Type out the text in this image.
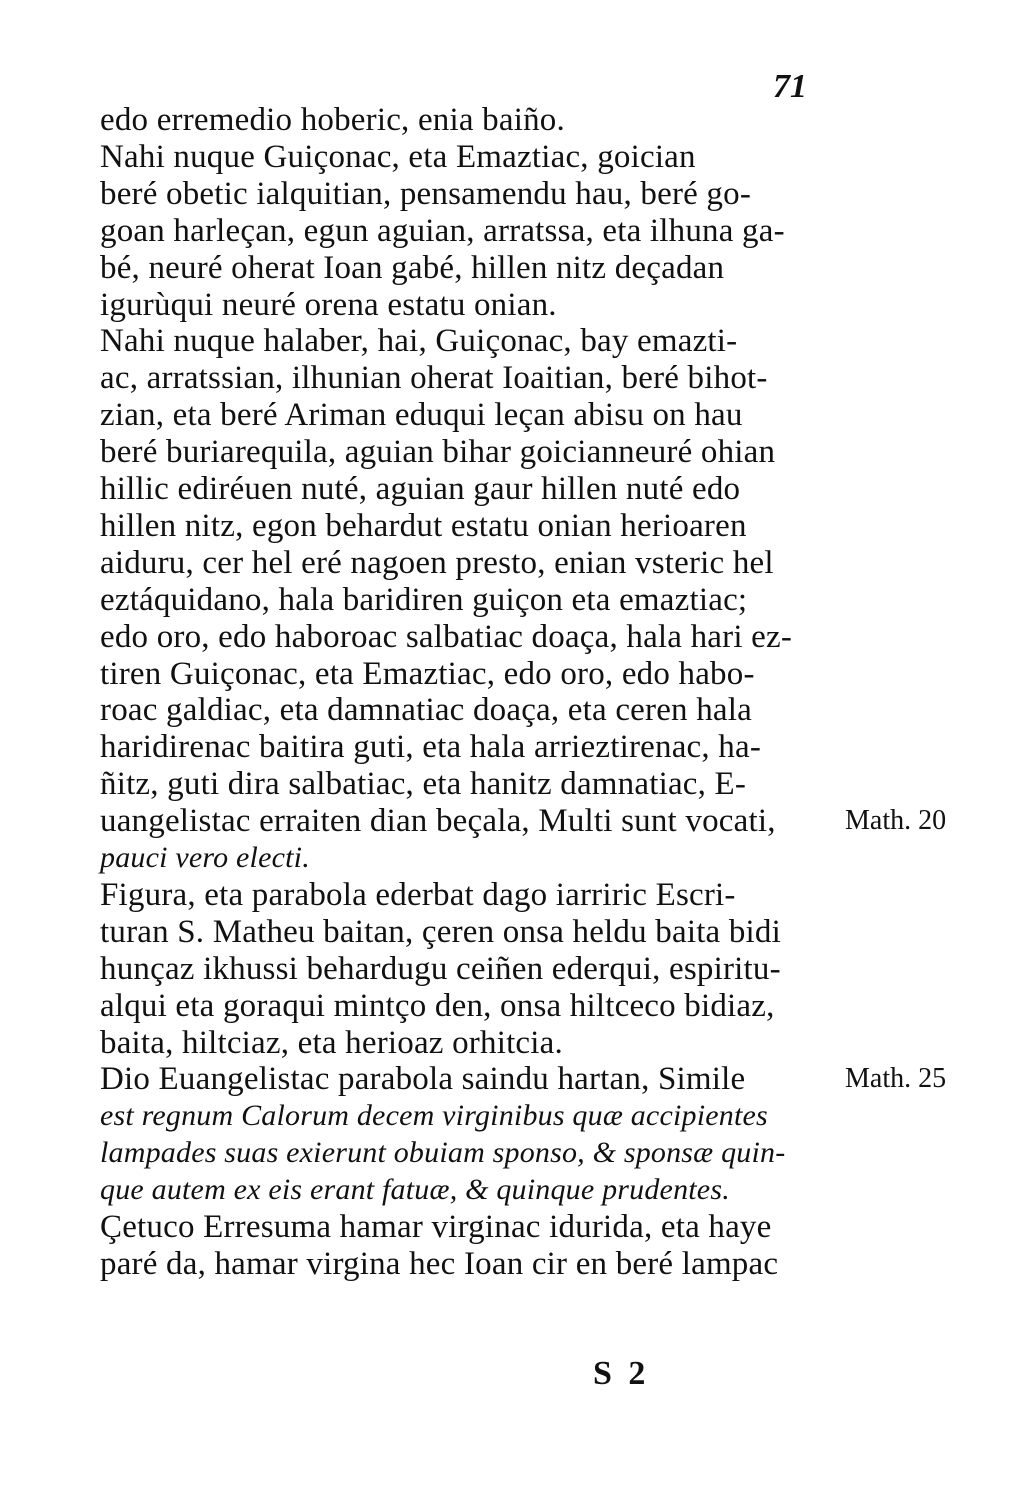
71
edo erremedio hoberic, enia baiño.
Nahi nuque Guiçonac, eta Emaztiac, goician
beré obetic ialquitian, pensamendu hau, beré go-
goan harleçan, egun aguian, arratssa, eta ilhuna ga-
bé, neuré oherat Ioan gabé, hillen nitz deçadan
igurùqui neuré orena estatu onian.
Nahi nuque halaber, hai, Guiçonac, bay emazti-
ac, arratssian, ilhunian oherat Ioaitian, beré bihot-
zian, eta beré Ariman eduqui leçan abisu on hau
beré buriarequila, aguian bihar goicianneuré ohian
hillic ediréuen nuté, aguian gaur hillen nuté edo
hillen nitz, egon behardut estatu onian herioaren
aiduru, cer hel eré nagoen presto, enian vsteric hel
eztáquidano, hala baridiren guiçon eta emaztiac;
edo oro, edo haboroac salbatiac doaça, hala hari ez-
tiren Guiçonac, eta Emaztiac, edo oro, edo habo-
roac galdiac, eta damnatiac doaça, eta ceren hala
haridirenac baitira guti, eta hala arrieztirenac, ha-
ñitz, guti dira salbatiac, eta hanitz damnatiac, E-
uangelistac erraiten dian beçala, Multi sunt vocati,
pauci vero electi.
Figura, eta parabola ederbat dago iarriric Escri-
turan S. Matheu baitan, çeren onsa heldu baita bidi
hunçaz ikhussi behardugu ceiñen ederqui, espiritu-
alqui eta goraqui mintço den, onsa hiltceco bidiaz,
baita, hiltciaz, eta herioaz orhitcia.
Dio Euangelistac parabola saindu hartan, Simile
est regnum Calorum decem virginibus quæ accipientes
lampades suas exierunt obuiam sponso, & sponsæ quin-
que autem ex eis erant fatuæ, & quinque prudentes.
Çetuco Erresuma hamar virginac idurida, eta haye
paré da, hamar virgina hec Ioan cir en beré lampac
Math. 20
Math. 25
S 2
